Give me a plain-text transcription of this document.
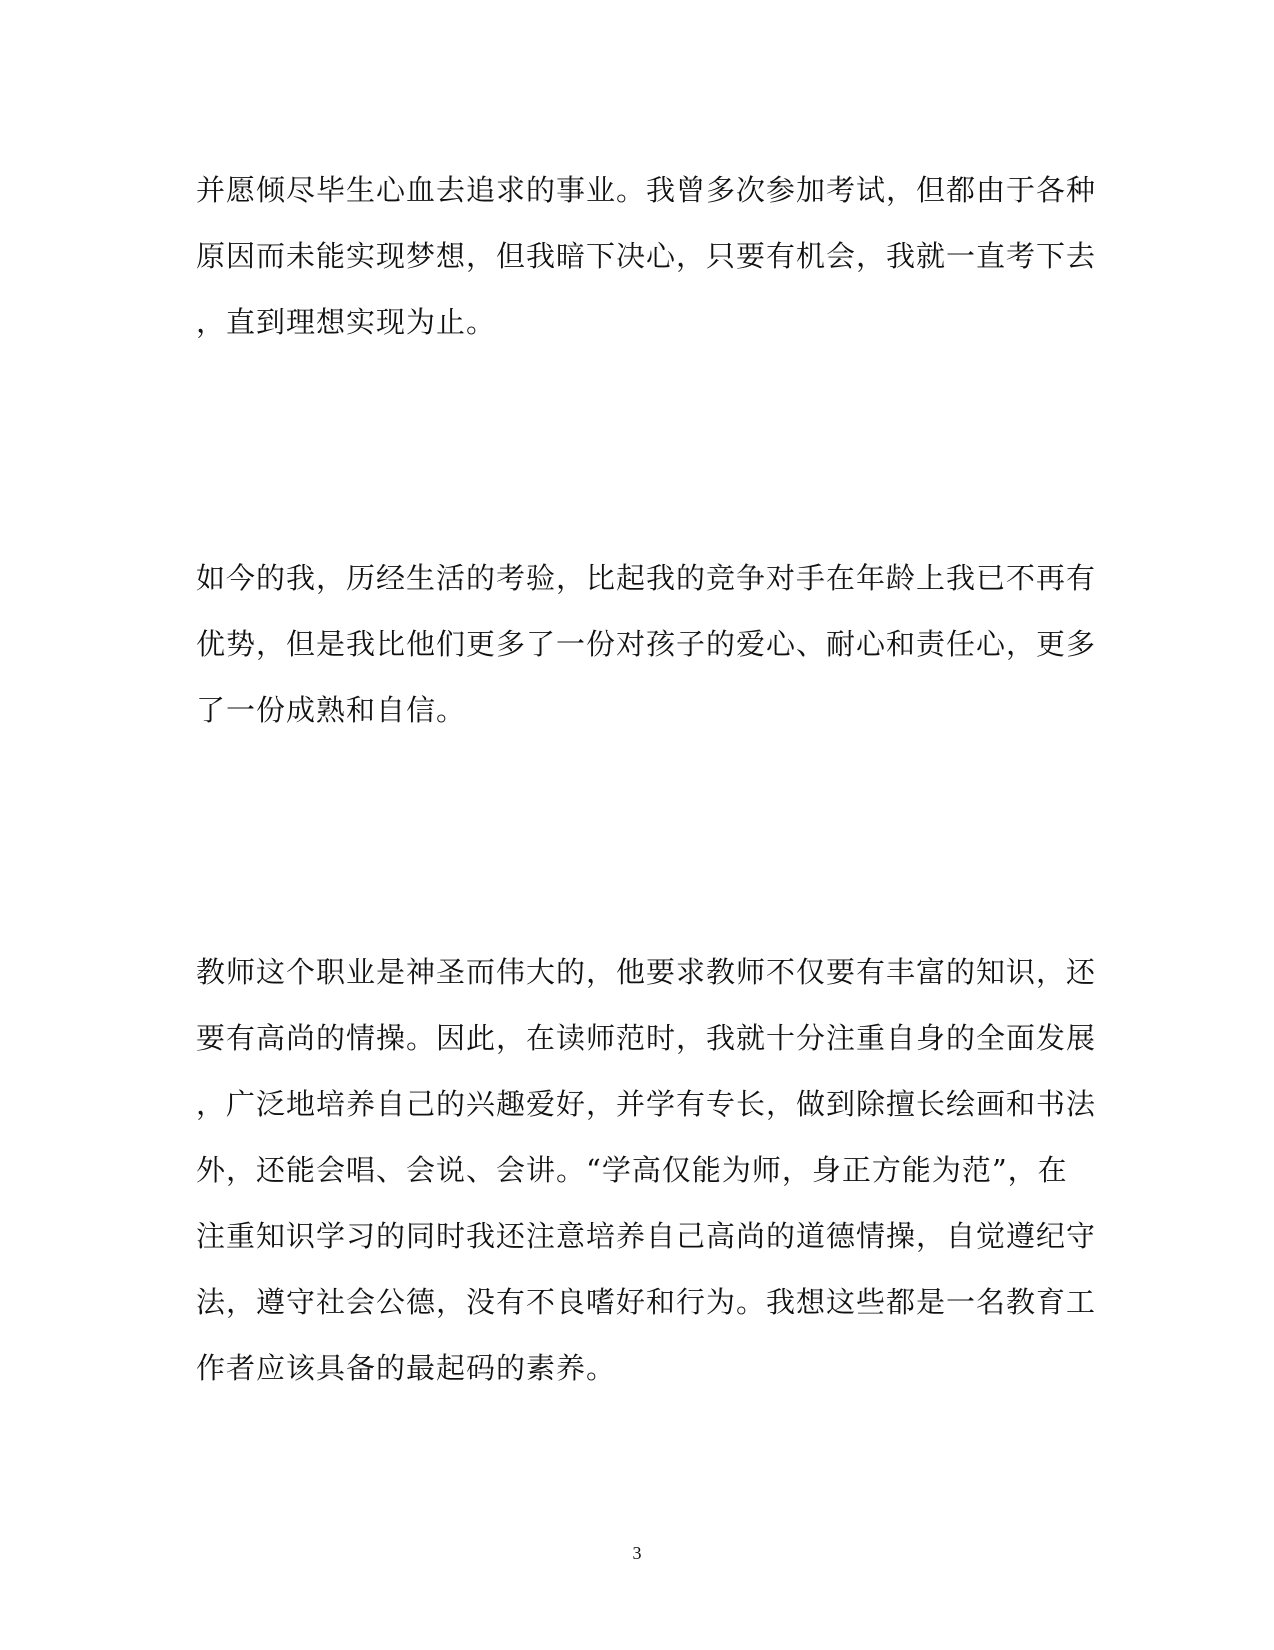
并愿倾尽毕生心血去追求的事业。我曾多次参加考试，但都由于各种
原因而未能实现梦想，但我暗下决心，只要有机会，我就一直考下去
，直到理想实现为止。
如今的我，历经生活的考验，比起我的竞争对手在年龄上我已不再有
优势，但是我比他们更多了一份对孩子的爱心、耐心和责任心，更多
了一份成熟和自信。
教师这个职业是神圣而伟大的，他要求教师不仅要有丰富的知识，还
要有高尚的情操。因此，在读师范时，我就十分注重自身的全面发展
，广泛地培养自己的兴趣爱好，并学有专长，做到除擅长绘画和书法
外，还能会唱、会说、会讲。“学高仅能为师，身正方能为范”，在
注重知识学习的同时我还注意培养自己高尚的道德情操，自觉遵纪守
法，遵守社会公德，没有不良嗜好和行为。我想这些都是一名教育工
作者应该具备的最起码的素养。
3
